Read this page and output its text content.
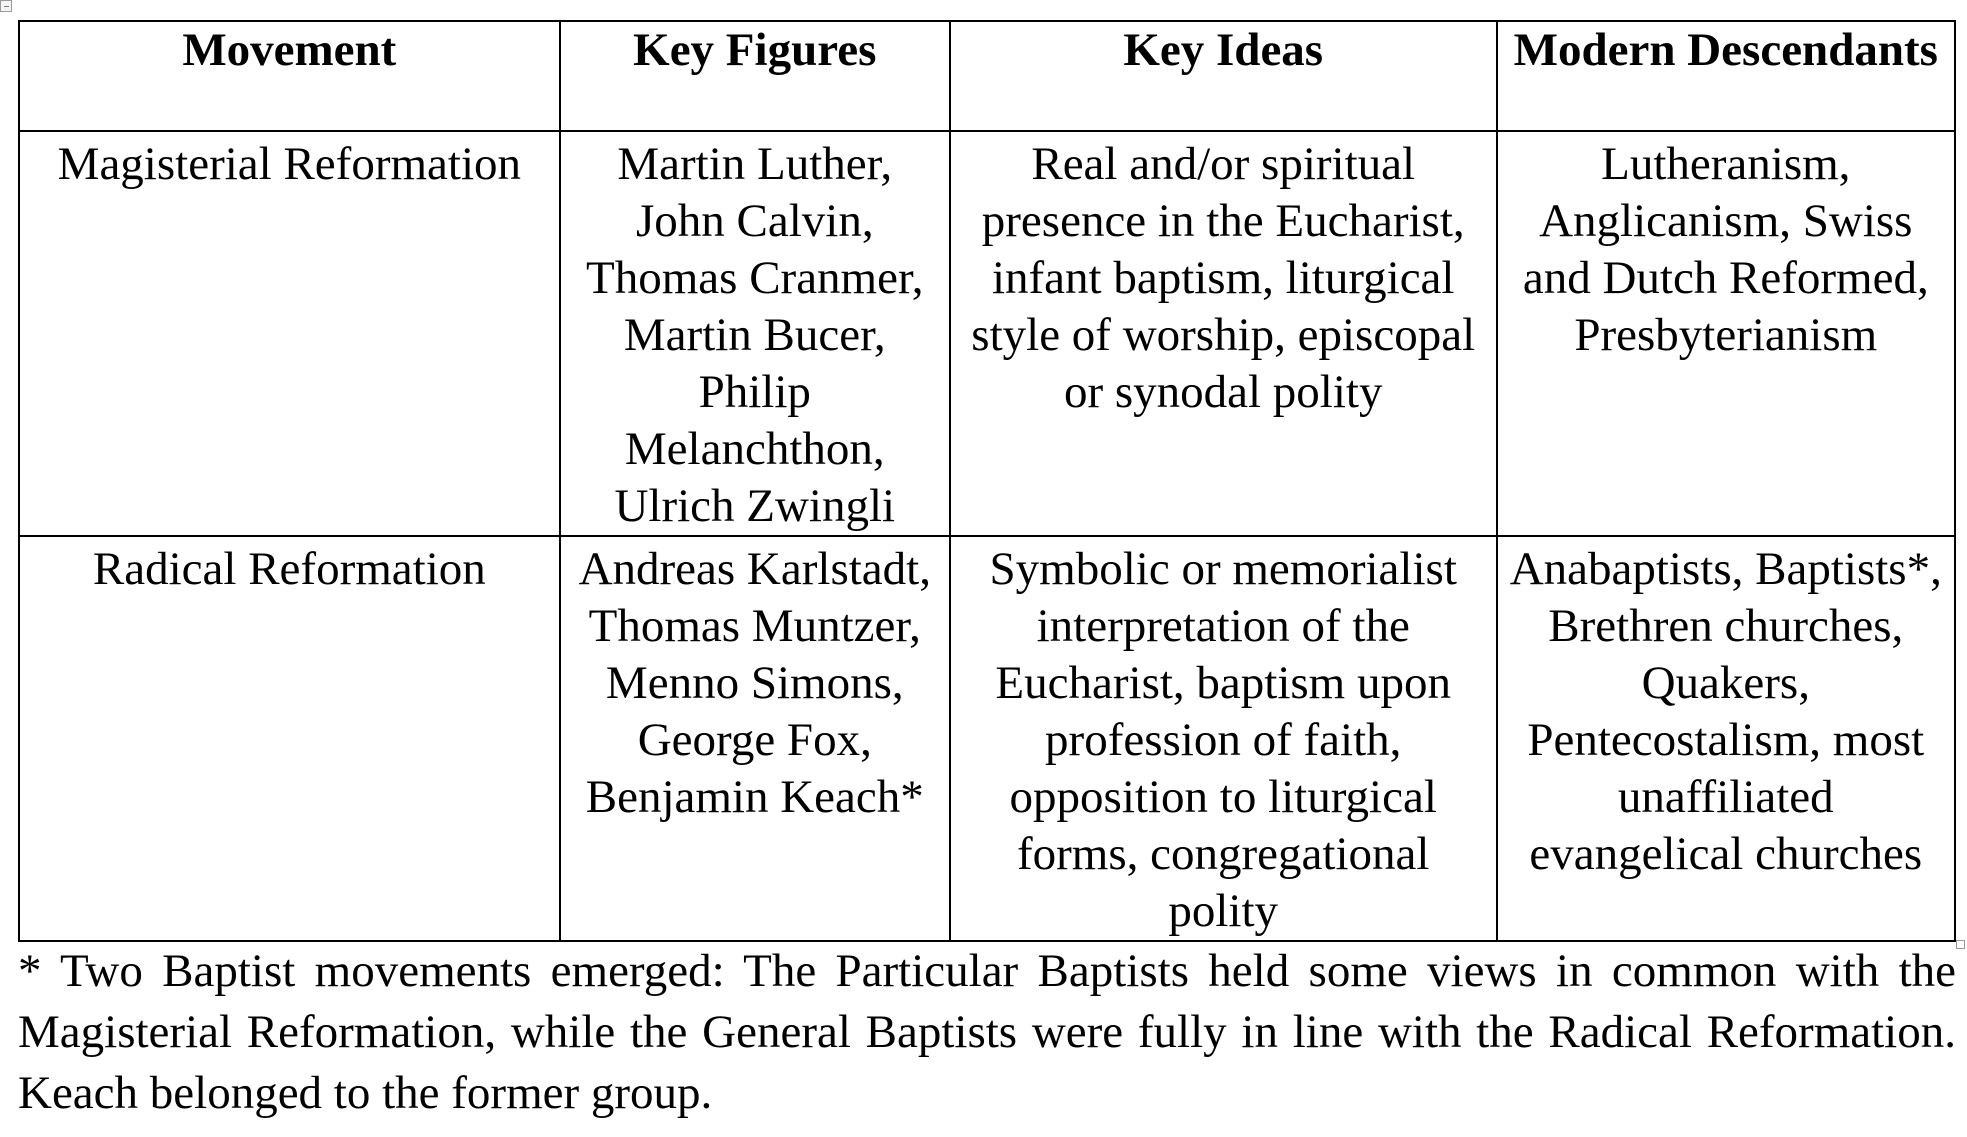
Movement	Key Figures	Key Ideas	Modern Descendants
Magisterial Reformation	Martin Luther, John Calvin, Thomas Cranmer, Martin Bucer, Philip Melanchthon, Ulrich Zwingli	Real and/or spiritual presence in the Eucharist, infant baptism, liturgical style of worship, episcopal or synodal polity	Lutheranism, Anglicanism, Swiss and Dutch Reformed, Presbyterianism
Radical Reformation	Andreas Karlstadt, Thomas Muntzer, Menno Simons, George Fox, Benjamin Keach*	Symbolic or memorialist interpretation of the Eucharist, baptism upon profession of faith, opposition to liturgical forms, congregational polity	Anabaptists, Baptists*, Brethren churches, Quakers, Pentecostalism, most unaffiliated evangelical churches

* Two Baptist movements emerged: The Particular Baptists held some views in common with the Magisterial Reformation, while the General Baptists were fully in line with the Radical Reformation. Keach belonged to the former group.
